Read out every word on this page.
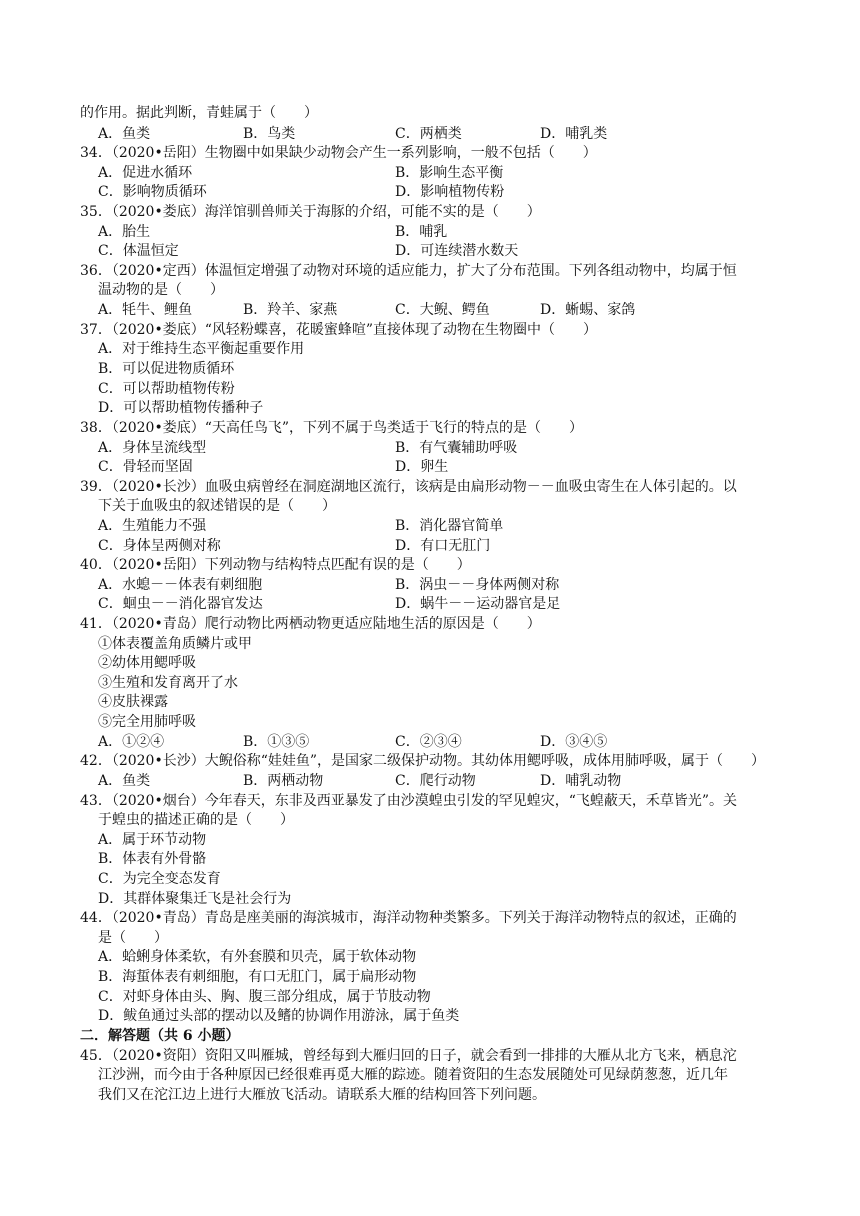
的作用。据此判断，青蛙属于（　　）
A．鱼类	B．鸟类	C．两栖类	D．哺乳类
34．（2020•岳阳）生物圈中如果缺少动物会产生一系列影响，一般不包括（　　）
A．促进水循环	B．影响生态平衡
C．影响物质循环	D．影响植物传粉
35．（2020•娄底）海洋馆驯兽师关于海豚的介绍，可能不实的是（　　）
A．胎生	B．哺乳
C．体温恒定	D．可连续潜水数天
36．（2020•定西）体温恒定增强了动物对环境的适应能力，扩大了分布范围。下列各组动物中，均属于恒
温动物的是（　　）
A．牦牛、鲤鱼	B．羚羊、家燕	C．大鲵、鳄鱼	D．蜥蜴、家鸽
37．（2020•娄底）“风轻粉蝶喜，花暖蜜蜂喧”直接体现了动物在生物圈中（　　）
A．对于维持生态平衡起重要作用
B．可以促进物质循环
C．可以帮助植物传粉
D．可以帮助植物传播种子
38．（2020•娄底）“天高任鸟飞”，下列不属于鸟类适于飞行的特点的是（　　）
A．身体呈流线型	B．有气囊辅助呼吸
C．骨轻而坚固	D．卵生
39．（2020•长沙）血吸虫病曾经在洞庭湖地区流行，该病是由扁形动物－－血吸虫寄生在人体引起的。以
下关于血吸虫的叙述错误的是（　　）
A．生殖能力不强	B．消化器官简单
C．身体呈两侧对称	D．有口无肛门
40．（2020•岳阳）下列动物与结构特点匹配有误的是（　　）
A．水螅－－体表有刺细胞	B．涡虫－－身体两侧对称
C．蛔虫－－消化器官发达	D．蜗牛－－运动器官是足
41．（2020•青岛）爬行动物比两栖动物更适应陆地生活的原因是（　　）
①体表覆盖角质鳞片或甲
②幼体用鳃呼吸
③生殖和发育离开了水
④皮肤裸露
⑤完全用肺呼吸
A．①②④	B．①③⑤	C．②③④	D．③④⑤
42．（2020•长沙）大鲵俗称“娃娃鱼”，是国家二级保护动物。其幼体用鳃呼吸，成体用肺呼吸，属于（　　）
A．鱼类	B．两栖动物	C．爬行动物	D．哺乳动物
43．（2020•烟台）今年春天，东非及西亚暴发了由沙漠蝗虫引发的罕见蝗灾，“飞蝗蔽天，禾草皆光”。关
于蝗虫的描述正确的是（　　）
A．属于环节动物
B．体表有外骨骼
C．为完全变态发育
D．其群体聚集迁飞是社会行为
44．（2020•青岛）青岛是座美丽的海滨城市，海洋动物种类繁多。下列关于海洋动物特点的叙述，正确的
是（　　）
A．蛤蜊身体柔软，有外套膜和贝壳，属于软体动物
B．海蜇体表有刺细胞，有口无肛门，属于扁形动物
C．对虾身体由头、胸、腹三部分组成，属于节肢动物
D．鲅鱼通过头部的摆动以及鳍的协调作用游泳，属于鱼类
二．解答题（共 6 小题）
45．（2020•资阳）资阳又叫雁城，曾经每到大雁归回的日子，就会看到一排排的大雁从北方飞来，栖息沱
江沙洲，而今由于各种原因已经很难再觅大雁的踪迹。随着资阳的生态发展随处可见绿荫葱葱，近几年
我们又在沱江边上进行大雁放飞活动。请联系大雁的结构回答下列问题。
